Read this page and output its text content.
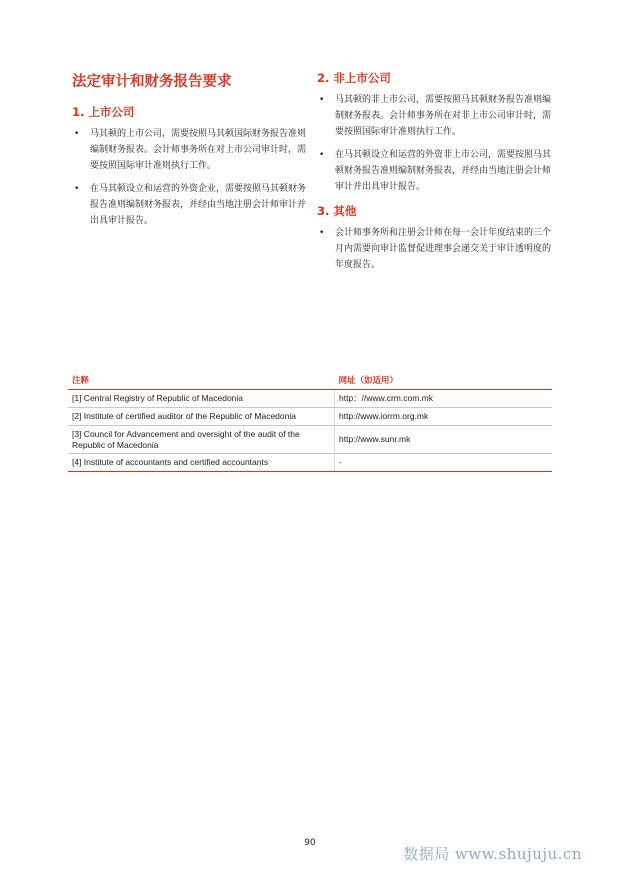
法定审计和财务报告要求
1. 上市公司
• 马其顿的上市公司，需要按照马其顿国际财务报告准则编制财务报表。会计师事务所在对上市公司审计时，需要按照国际审计准则执行工作。
• 在马其顿设立和运营的外资企业，需要按照马其顿财务报告准则编制财务报表，并经由当地注册会计师审计并出具审计报告。
2. 非上市公司
• 马其顿的非上市公司，需要按照马其顿财务报告准则编制财务报表。会计师事务所在对非上市公司审计时，需要按照国际审计准则执行工作。
• 在马其顿设立和运营的外资非上市公司，需要按照马其顿财务报告准则编制财务报表，并经由当地注册会计师审计并出具审计报告。
3. 其他
• 会计师事务所和注册会计师在每一会计年度结束的三个月内需要向审计监督促进理事会递交关于审计透明度的年度报告。
注释	网址（如适用）
[1] Central Registry of Republic of Macedonia	http：//www.crm.com.mk
[2] Institute of certified auditor of the Republic of Macedonia	http://www.iorrm.org.mk
[3] Council for Advancement and oversight of the audit of the Republic of Macedonia	http://www.sunr.mk
[4] Institute of accountants and certified accountants	-
90
数据局 www.shujuju.cn
